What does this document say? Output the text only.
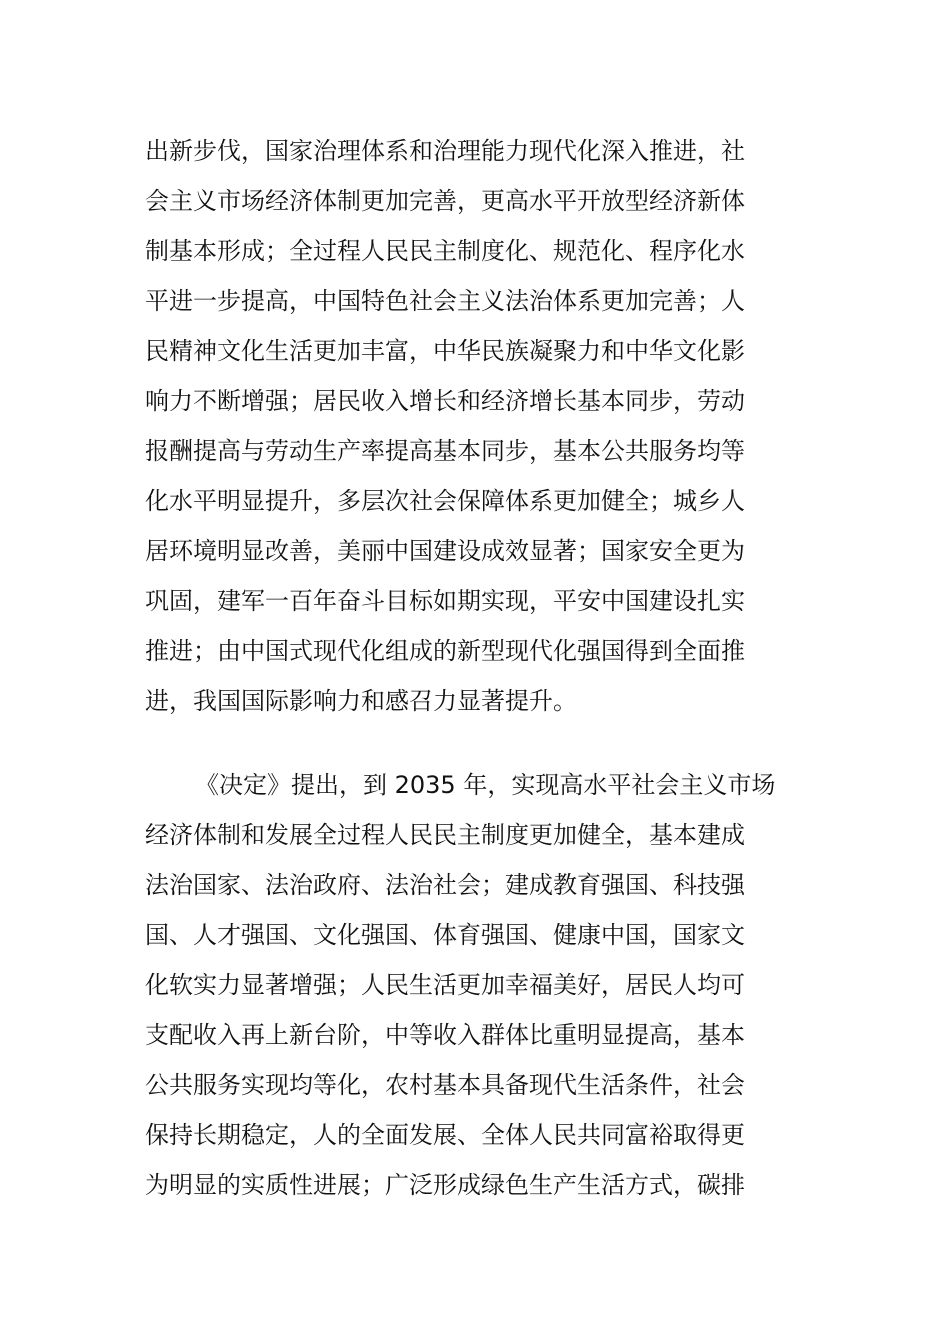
出新步伐，国家治理体系和治理能力现代化深入推进，社
会主义市场经济体制更加完善，更高水平开放型经济新体
制基本形成；全过程人民民主制度化、规范化、程序化水
平进一步提高，中国特色社会主义法治体系更加完善；人
民精神文化生活更加丰富，中华民族凝聚力和中华文化影
响力不断增强；居民收入增长和经济增长基本同步，劳动
报酬提高与劳动生产率提高基本同步，基本公共服务均等
化水平明显提升，多层次社会保障体系更加健全；城乡人
居环境明显改善，美丽中国建设成效显著；国家安全更为
巩固，建军一百年奋斗目标如期实现，平安中国建设扎实
推进；由中国式现代化组成的新型现代化强国得到全面推
进，我国国际影响力和感召力显著提升。
《决定》提出，到 2035 年，实现高水平社会主义市场
经济体制和发展全过程人民民主制度更加健全，基本建成
法治国家、法治政府、法治社会；建成教育强国、科技强
国、人才强国、文化强国、体育强国、健康中国，国家文
化软实力显著增强；人民生活更加幸福美好，居民人均可
支配收入再上新台阶，中等收入群体比重明显提高，基本
公共服务实现均等化，农村基本具备现代生活条件，社会
保持长期稳定，人的全面发展、全体人民共同富裕取得更
为明显的实质性进展；广泛形成绿色生产生活方式，碳排
